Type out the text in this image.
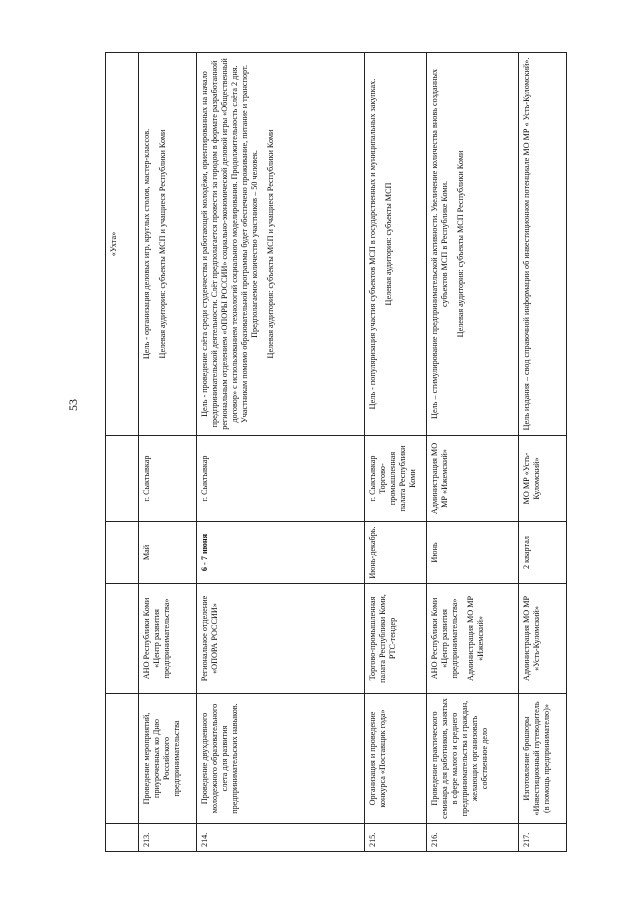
53
					«Ухта»
213.	Проведение мероприятий, приуроченных ко Дню Российского предпринимательства	АНО Республики Коми «Центр развития предпринимательства»	Май	г. Сыктывкар	Цель - организация деловых игр, круглых столов, мастер-классов. Целевая аудитория: субъекты МСП и учащиеся Республики Коми

214.	Проведение двухдневного молодежного образовательного слета для развития предпринимательских навыков.	Региональное отделение «ОПОРА РОССИИ»	6 - 7 июня	г. Сыктывкар	Цель - проведение слёта среди студенчества и работающей молодёжи, ориентированных на начало предпринимательской деятельности. Слёт предполагается провести за городом в формате разработанной региональным отделением «ОПОРЫ РОССИИ» социально-экономической деловой игры «Общественный договор» с использованием технологий социального моделирования. Продолжительность слёта 2 дня. Участникам помимо образовательной программы будет обеспечено проживание, питание и транспорт. Предполагаемое количество участников – 50 человек. Целевая аудитория: субъекты МСП и учащиеся Республики Коми

215.	Организация и проведение конкурса «Поставщик года»	Торгово-промышленная палата Республики Коми, РТС-тендер	Июнь-декабрь.	г. Сыктывкар Торгово-промышленная палата Республики Коми	Цель - популяризация участия субъектов МСП в государственных и муниципальных закупках. Целевая аудитория: субъекты МСП

216.	Проведение практического семинара для работников, занятых в сфере малого и среднего предпринимательства и граждан, желающих организовать собственное дело	АНО Республики Коми «Центр развития предпринимательства» Администрация МО МР «Ижемский»	Июнь	Администрация МО МР «Ижемский»	Цель – стимулирование предпринимательской активности. Увеличение количества вновь созданных субъектов МСП в Республике Коми. Целевая аудитория: субъекты МСП Республики Коми

217.	Изготовление брошюры «Инвестиционный путеводитель (в помощь предпринимателю)»	Администрация МО МР «Усть-Куломский»	2 квартал	МО МР «Усть-Куломский»	Цель издания – свод справочной информации об инвестиционном потенциале МО МР « Усть-Куломский».
